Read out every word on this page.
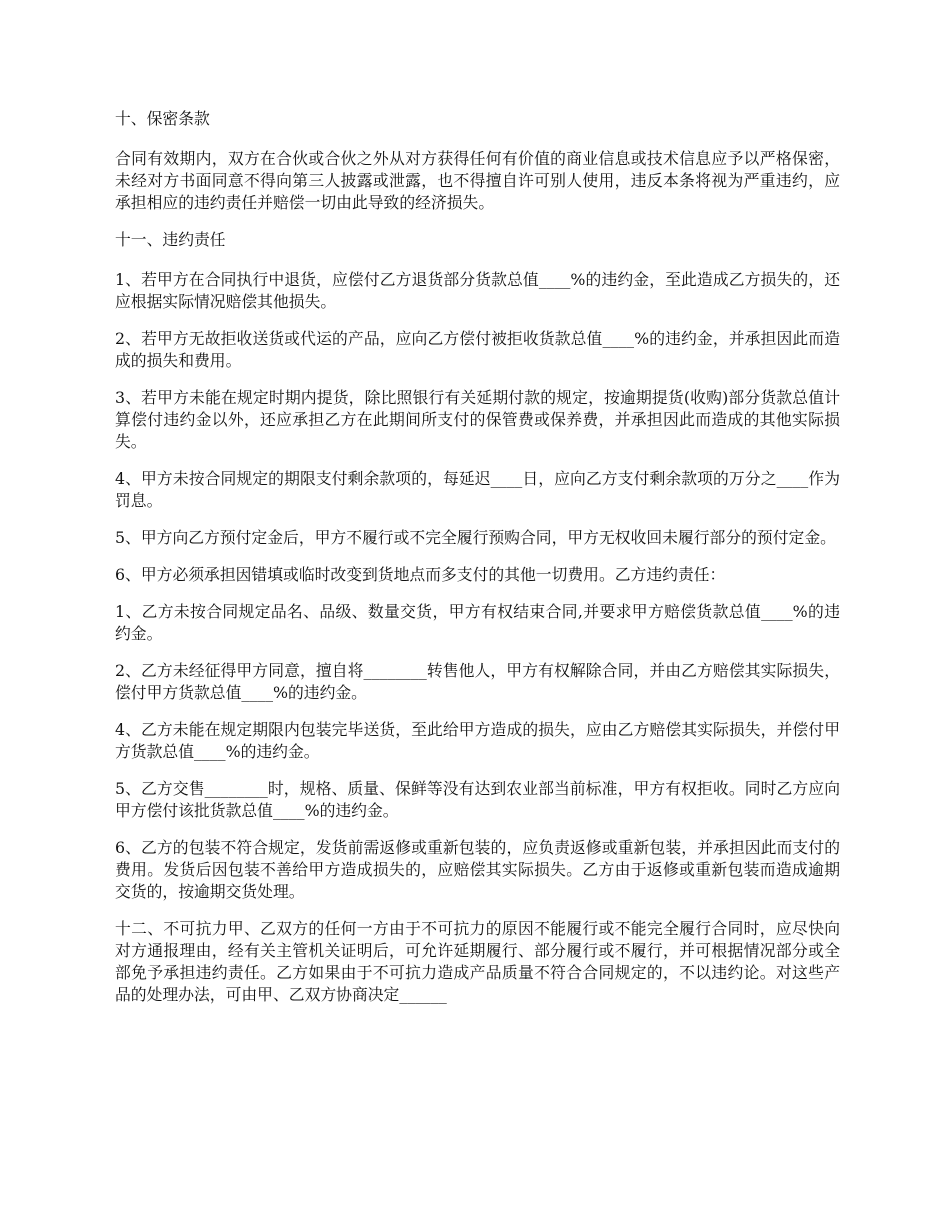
十、保密条款

合同有效期内，双方在合伙或合伙之外从对方获得任何有价值的商业信息或技术信息应予以严格保密，未经对方书面同意不得向第三人披露或泄露，也不得擅自许可别人使用，违反本条将视为严重违约，应承担相应的违约责任并赔偿一切由此导致的经济损失。

十一、违约责任

1、若甲方在合同执行中退货，应偿付乙方退货部分货款总值____%的违约金，至此造成乙方损失的，还应根据实际情况赔偿其他损失。

2、若甲方无故拒收送货或代运的产品，应向乙方偿付被拒收货款总值____%的违约金，并承担因此而造成的损失和费用。

3、若甲方未能在规定时期内提货，除比照银行有关延期付款的规定，按逾期提货(收购)部分货款总值计算偿付违约金以外，还应承担乙方在此期间所支付的保管费或保养费，并承担因此而造成的其他实际损失。

4、甲方未按合同规定的期限支付剩余款项的，每延迟____日，应向乙方支付剩余款项的万分之____作为罚息。

5、甲方向乙方预付定金后，甲方不履行或不完全履行预购合同，甲方无权收回未履行部分的预付定金。

6、甲方必须承担因错填或临时改变到货地点而多支付的其他一切费用。乙方违约责任：

1、乙方未按合同规定品名、品级、数量交货，甲方有权结束合同,并要求甲方赔偿货款总值____%的违约金。

2、乙方未经征得甲方同意，擅自将________转售他人，甲方有权解除合同，并由乙方赔偿其实际损失，偿付甲方货款总值____%的违约金。

4、乙方未能在规定期限内包装完毕送货，至此给甲方造成的损失，应由乙方赔偿其实际损失，并偿付甲方货款总值____%的违约金。

5、乙方交售________时，规格、质量、保鲜等没有达到农业部当前标准，甲方有权拒收。同时乙方应向甲方偿付该批货款总值____%的违约金。

6、乙方的包装不符合规定，发货前需返修或重新包装的，应负责返修或重新包装，并承担因此而支付的费用。发货后因包装不善给甲方造成损失的，应赔偿其实际损失。乙方由于返修或重新包装而造成逾期交货的，按逾期交货处理。

十二、不可抗力甲、乙双方的任何一方由于不可抗力的原因不能履行或不能完全履行合同时，应尽快向对方通报理由，经有关主管机关证明后，可允许延期履行、部分履行或不履行，并可根据情况部分或全部免予承担违约责任。乙方如果由于不可抗力造成产品质量不符合合同规定的，不以违约论。对这些产品的处理办法，可由甲、乙双方协商决定______
